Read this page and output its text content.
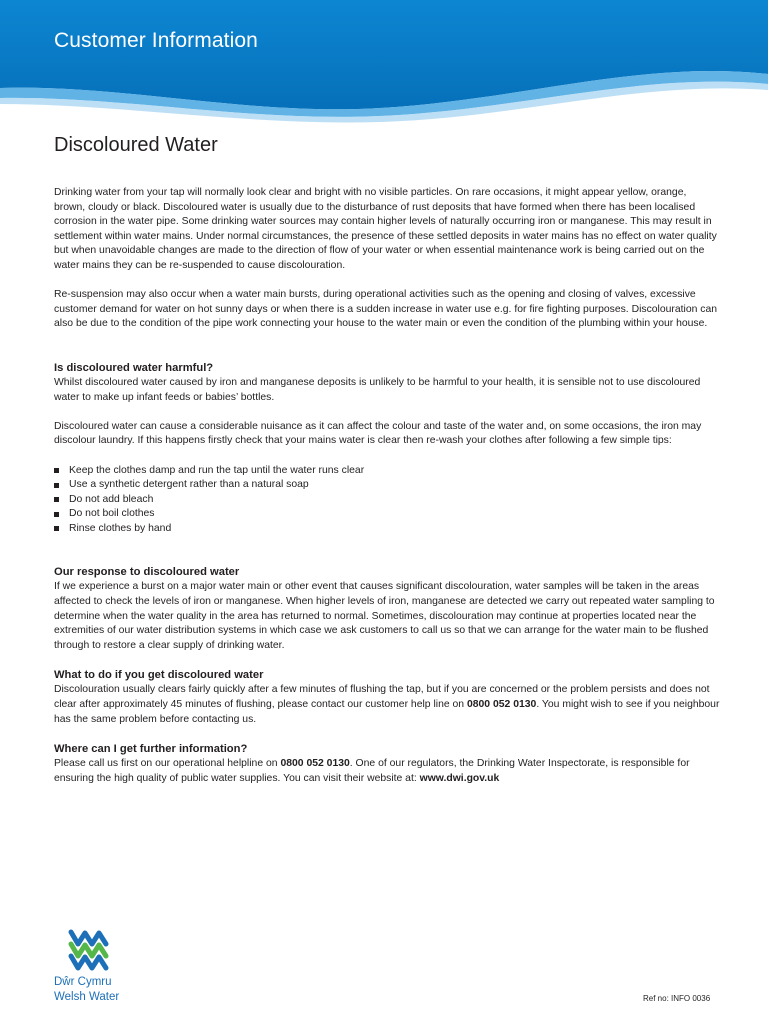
Customer Information
Discoloured Water

Drinking water from your tap will normally look clear and bright with no visible particles. On rare occasions, it might appear yellow, orange, brown, cloudy or black. Discoloured water is usually due to the disturbance of rust deposits that have formed when there has been localised corrosion in the water pipe. Some drinking water sources may contain higher levels of naturally occurring iron or manganese. This may result in settlement within water mains. Under normal circumstances, the presence of these settled deposits in water mains has no effect on water quality but when unavoidable changes are made to the direction of flow of your water or when essential maintenance work is being carried out on the water mains they can be re-suspended to cause discolouration.

Re-suspension may also occur when a water main bursts, during operational activities such as the opening and closing of valves, excessive customer demand for water on hot sunny days or when there is a sudden increase in water use e.g. for fire fighting purposes. Discolouration can also be due to the condition of the pipe work connecting your house to the water main or even the condition of the plumbing within your house.

Is discoloured water harmful?

Whilst discoloured water caused by iron and manganese deposits is unlikely to be harmful to your health, it is sensible not to use discoloured water to make up infant feeds or babies’ bottles.

Discoloured water can cause a considerable nuisance as it can affect the colour and taste of the water and, on some occasions, the iron may discolour laundry. If this happens firstly check that your mains water is clear then re-wash your clothes after following a few simple tips:

Keep the clothes damp and run the tap until the water runs clear
Use a synthetic detergent rather than a natural soap
Do not add bleach
Do not boil clothes
Rinse clothes by hand
Our response to discoloured water

If we experience a burst on a major water main or other event that causes significant discolouration, water samples will be taken in the areas affected to check the levels of iron or manganese. When higher levels of iron, manganese are detected we carry out repeated water sampling to determine when the water quality in the area has returned to normal. Sometimes, discolouration may continue at properties located near the extremities of our water distribution systems in which case we ask customers to call us so that we can arrange for the water main to be flushed through to restore a clear supply of drinking water.

What to do if you get discoloured water

Discolouration usually clears fairly quickly after a few minutes of flushing the tap, but if you are concerned or the problem persists and does not clear after approximately 45 minutes of flushing, please contact our customer help line on 0800 052 0130. You might wish to see if you neighbour has the same problem before contacting us.

Where can I get further information?

Please call us first on our operational helpline on 0800 052 0130. One of our regulators, the Drinking Water Inspectorate, is responsible for ensuring the high quality of public water supplies. You can visit their website at: www.dwi.gov.uk

Dŵr Cymru
Welsh Water	Ref no: INFO 0036
